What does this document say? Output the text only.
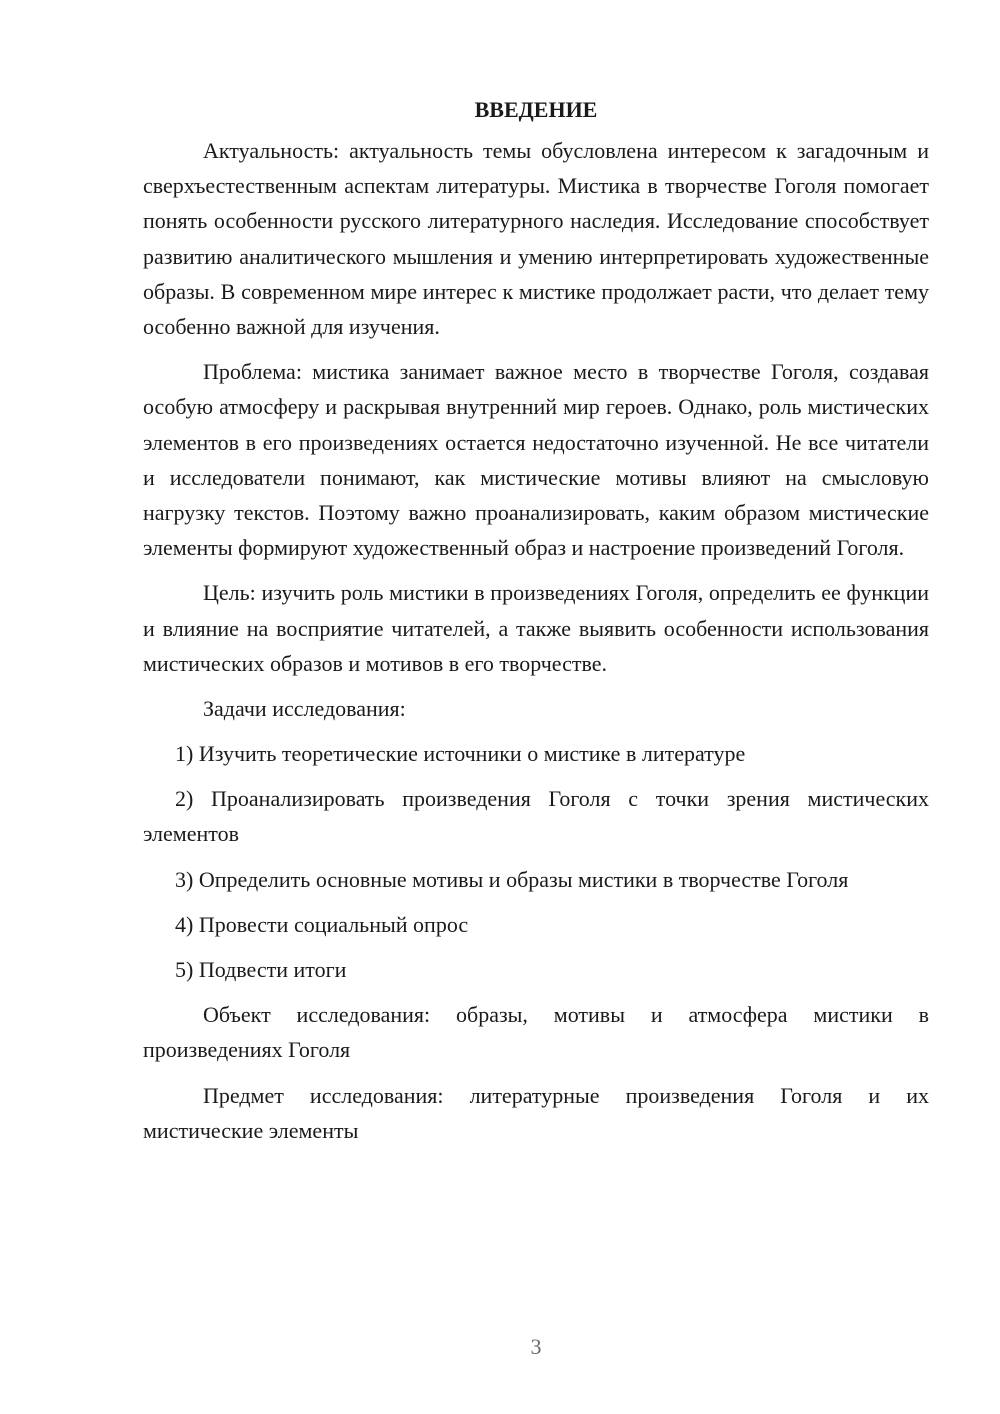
ВВЕДЕНИЕ

Актуальность: актуальность темы обусловлена интересом к загадочным и сверхъестественным аспектам литературы. Мистика в творчестве Гоголя помогает понять особенности русского литературного наследия. Исследование способствует развитию аналитического мышления и умению интерпретировать художественные образы. В современном мире интерес к мистике продолжает расти, что делает тему особенно важной для изучения.

Проблема: мистика занимает важное место в творчестве Гоголя, создавая особую атмосферу и раскрывая внутренний мир героев. Однако, роль мистических элементов в его произведениях остается недостаточно изученной. Не все читатели и исследователи понимают, как мистические мотивы влияют на смысловую нагрузку текстов. Поэтому важно проанализировать, каким образом мистические элементы формируют художественный образ и настроение произведений Гоголя.

Цель: изучить роль мистики в произведениях Гоголя, определить ее функции и влияние на восприятие читателей, а также выявить особенности использования мистических образов и мотивов в его творчестве.

Задачи исследования:

1) Изучить теоретические источники о мистике в литературе

2) Проанализировать произведения Гоголя с точки зрения мистических элементов

3) Определить основные мотивы и образы мистики в творчестве Гоголя

4) Провести социальный опрос

5) Подвести итоги

Объект исследования: образы, мотивы и атмосфера мистики в произведениях Гоголя

Предмет исследования: литературные произведения Гоголя и их мистические элементы

3
